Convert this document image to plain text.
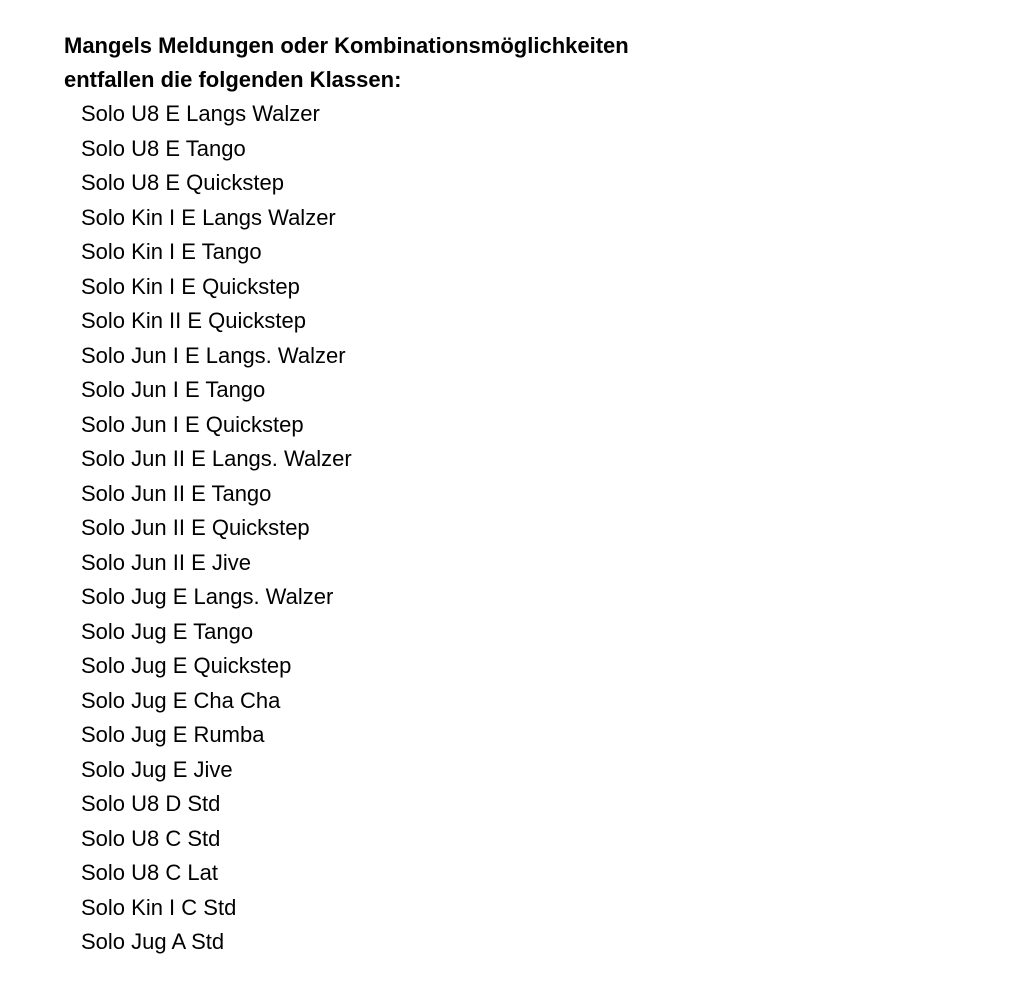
Mangels Meldungen oder Kombinationsmöglichkeiten
entfallen die folgenden Klassen:
Solo U8 E Langs Walzer
Solo U8 E Tango
Solo U8 E Quickstep
Solo Kin I E Langs Walzer
Solo Kin I E Tango
Solo Kin I E Quickstep
Solo Kin II E Quickstep
Solo Jun I E Langs. Walzer
Solo Jun I E Tango
Solo Jun I E Quickstep
Solo Jun II E Langs. Walzer
Solo Jun II E Tango
Solo Jun II E Quickstep
Solo Jun II E Jive
Solo Jug E Langs. Walzer
Solo Jug E Tango
Solo Jug E Quickstep
Solo Jug E Cha Cha
Solo Jug E Rumba
Solo Jug E Jive
Solo U8 D Std
Solo U8 C Std
Solo U8 C Lat
Solo Kin I C Std
Solo Jug A Std
